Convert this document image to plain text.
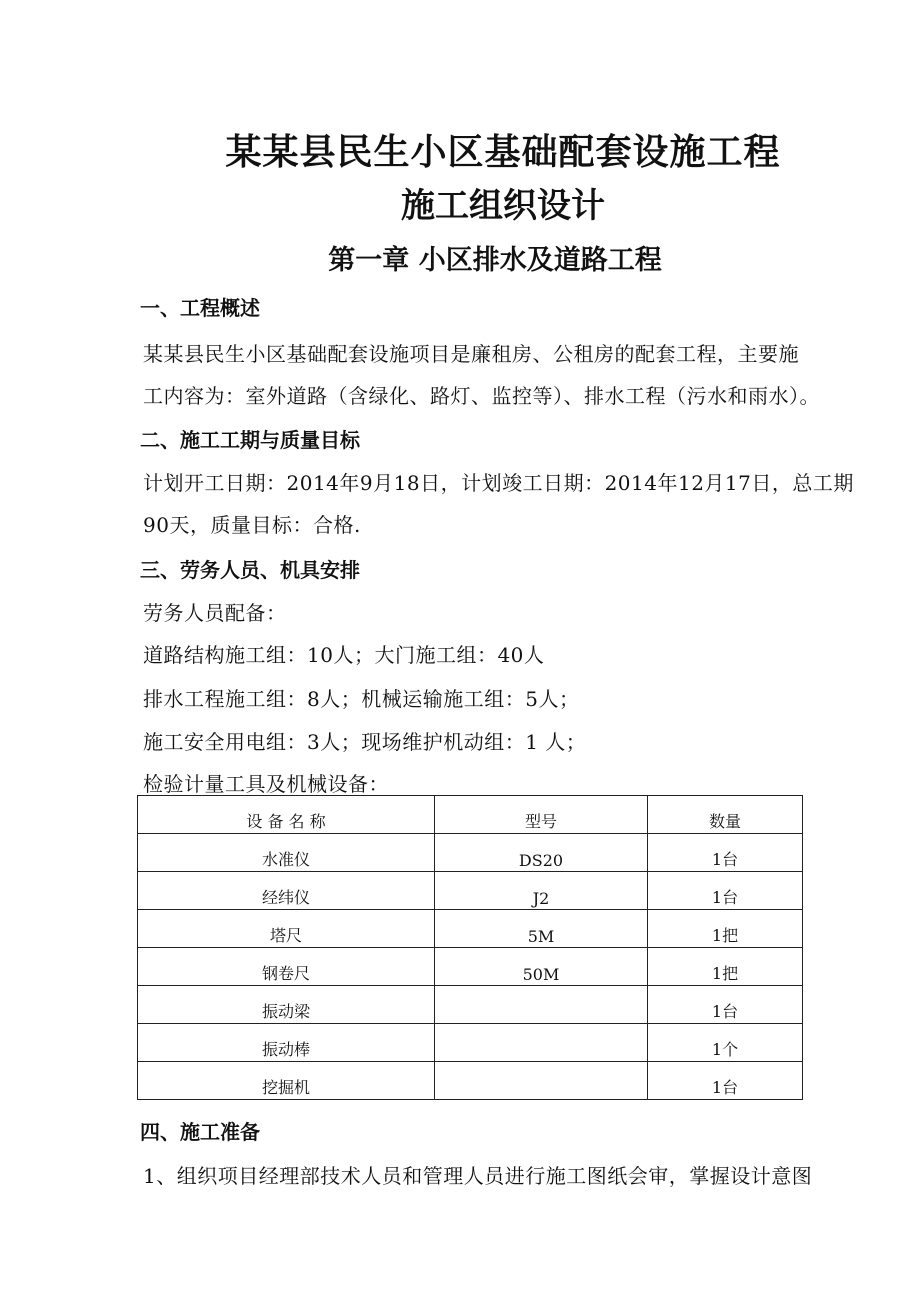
某某县民生小区基础配套设施工程
施工组织设计
第一章 小区排水及道路工程
一、工程概述
某某县民生小区基础配套设施项目是廉租房、公租房的配套工程，主要施
工内容为：室外道路（含绿化、路灯、监控等）、排水工程（污水和雨水）。
二、施工工期与质量目标
计划开工日期：2014年9月18日，计划竣工日期：2014年12月17日，总工期
90天，质量目标：合格.
三、劳务人员、机具安排
劳务人员配备：
道路结构施工组：10人；大门施工组：40人
排水工程施工组：8人；机械运输施工组：5人；
施工安全用电组：3人；现场维护机动组：1 人；
检验计量工具及机械设备：
设 备 名 称	型号	数量
水准仪	DS20	1台
经纬仪	J2	1台
塔尺	5M	1把
钢卷尺	50M	1把
振动梁		1台
振动棒		1个
挖掘机		1台
四、施工准备
1、组织项目经理部技术人员和管理人员进行施工图纸会审，掌握设计意图
